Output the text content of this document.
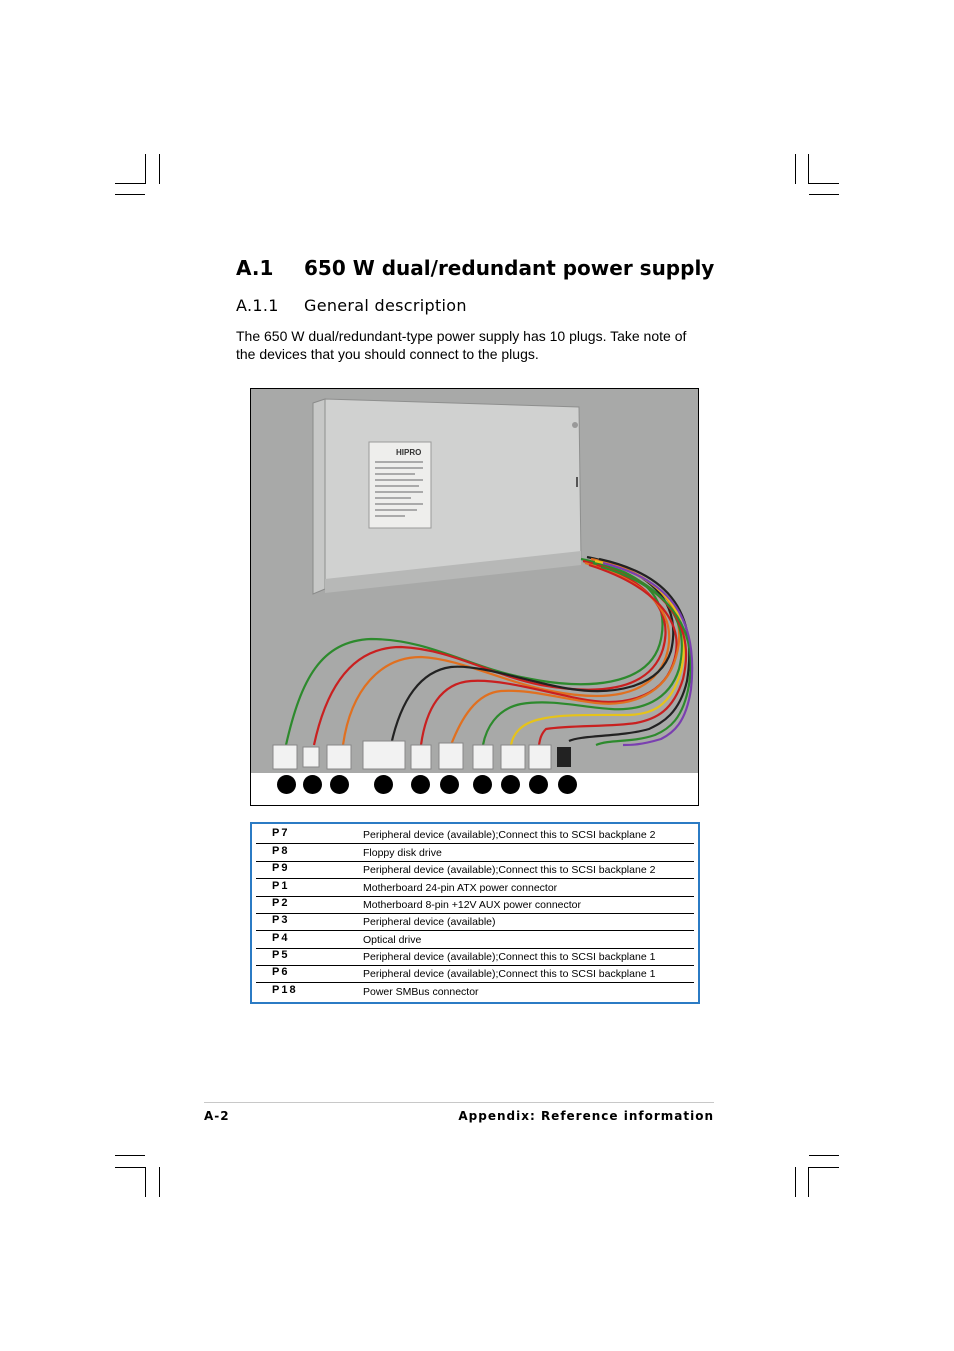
A.1 650 W dual/redundant power supply
A.1.1 General description

The 650 W dual/redundant-type power supply has 10 plugs. Take note of the devices that you should connect to the plugs.

HIPRO
P7	Peripheral device (available);Connect this to SCSI backplane 2
P8	Floppy disk drive
P9	Peripheral device (available);Connect this to SCSI backplane 2
P1	Motherboard 24-pin ATX power connector
P2	Motherboard 8-pin +12V AUX power connector
P3	Peripheral device (available)
P4	Optical drive
P5	Peripheral device (available);Connect this to SCSI backplane 1
P6	Peripheral device (available);Connect this to SCSI backplane 1
P18	Power SMBus connector
A-2	Appendix: Reference information
